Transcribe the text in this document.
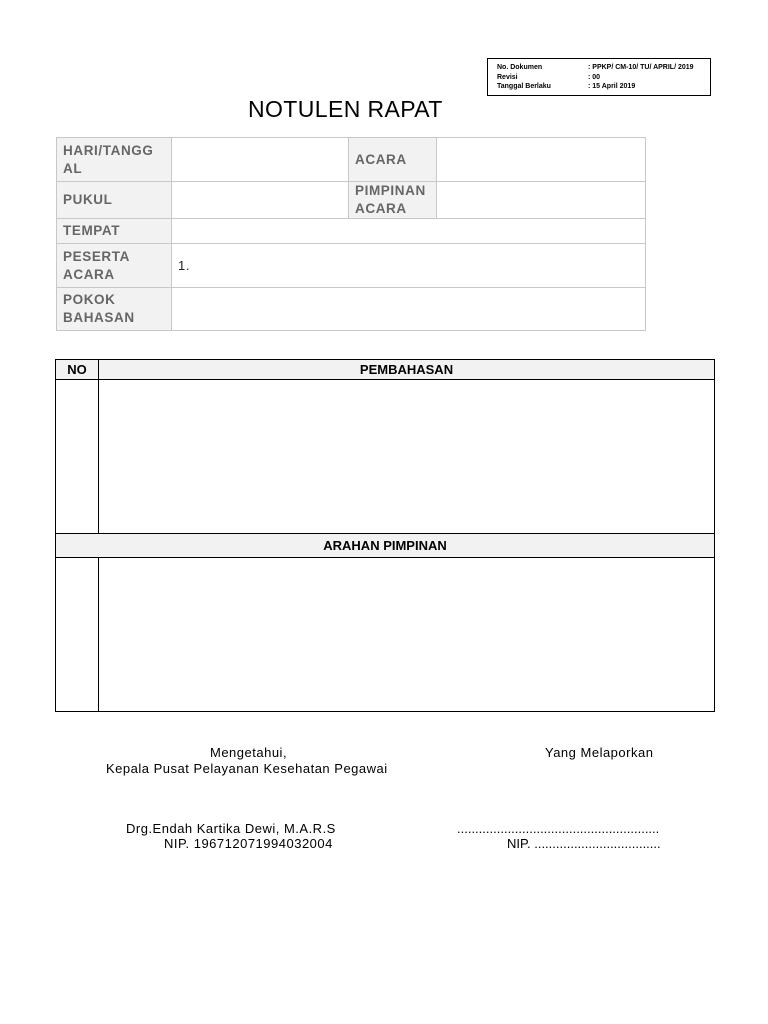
No. Dokumen	: PPKP/ CM-10/ TU/ APRIL/ 2019
Revisi	: 00
Tanggal Berlaku	: 15 April 2019
NOTULEN RAPAT
HARI/TANGG AL		ACARA	
PUKUL		PIMPINAN ACARA	
TEMPAT			
PESERTA ACARA	1.		
POKOK BAHASAN			
NO	PEMBAHASAN

ARAHAN PIMPINAN	

Mengetahui,
Kepala Pusat Pelayanan Kesehatan Pegawai
Drg.Endah Kartika Dewi, M.A.R.S
NIP. 196712071994032004
Yang Melaporkan
........................................................
NIP. ...................................
